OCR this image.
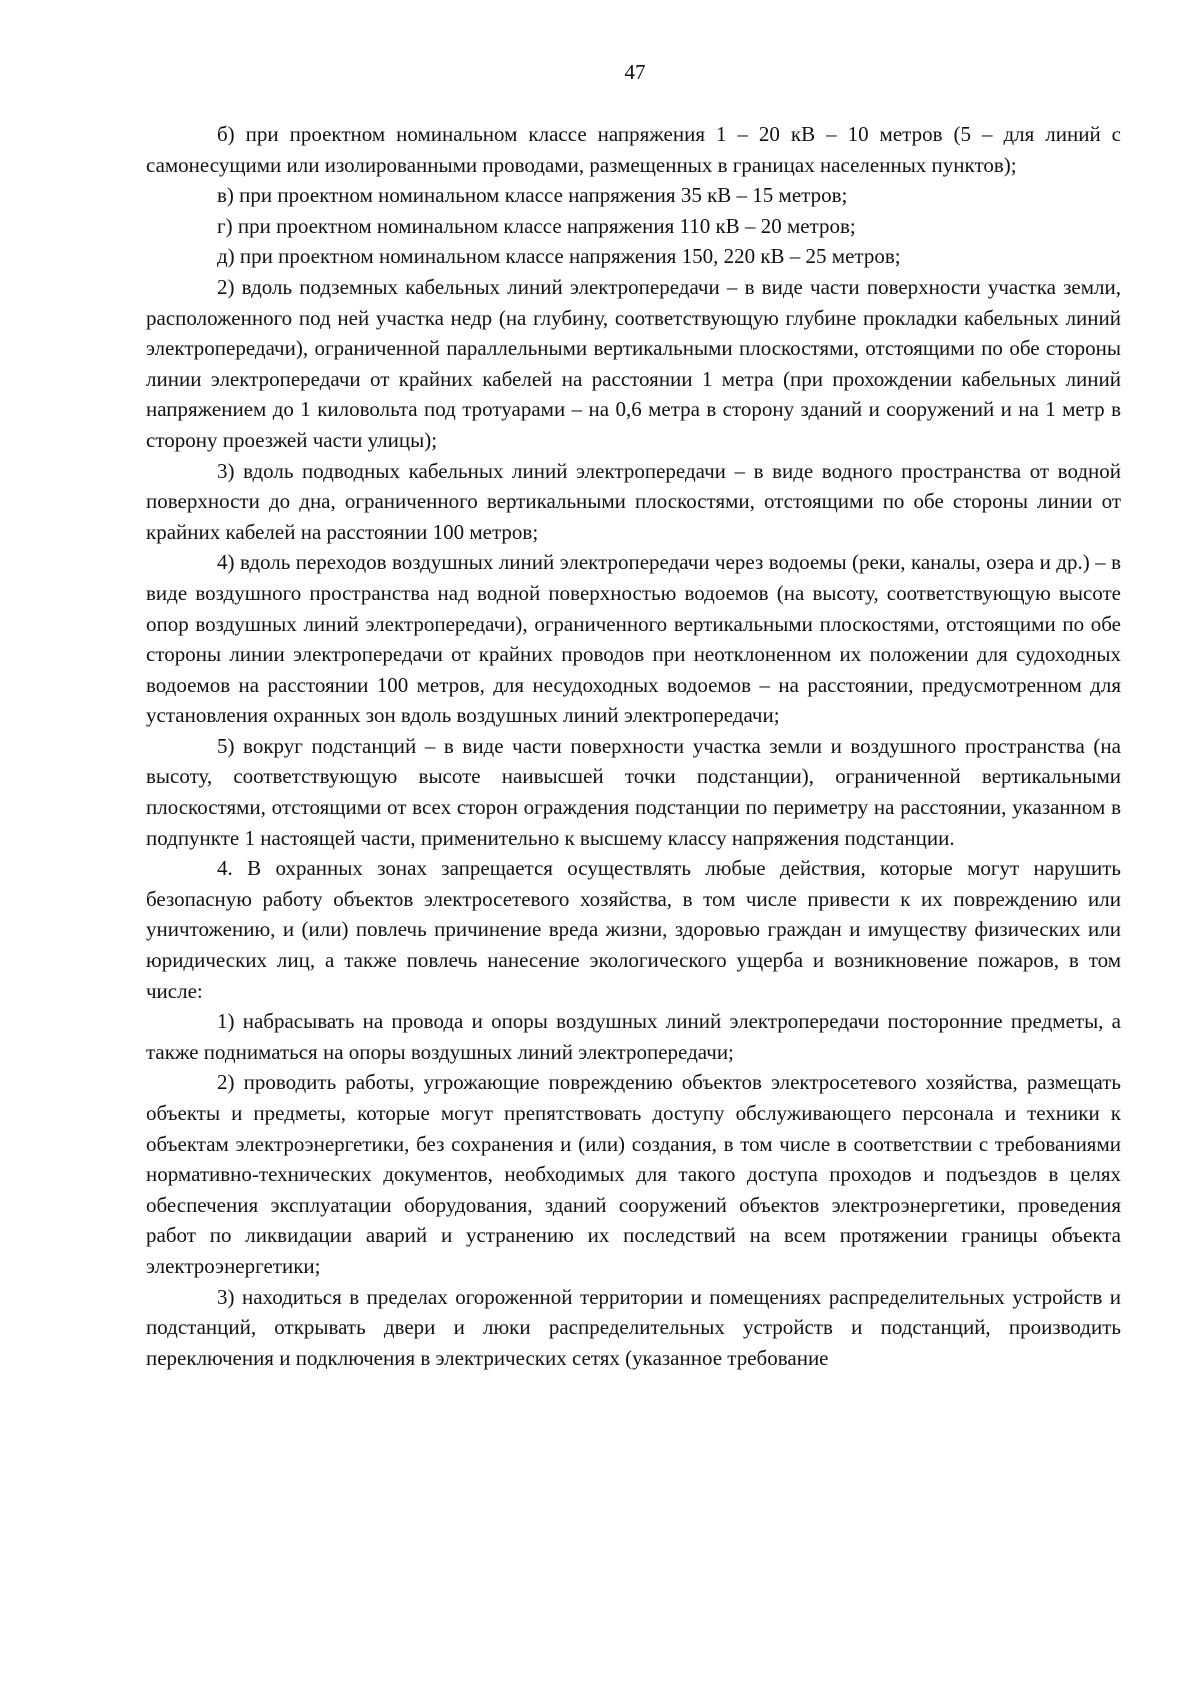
47

б) при проектном номинальном классе напряжения 1 – 20 кВ – 10 метров (5 – для линий с самонесущими или изолированными проводами, размещенных в границах населенных пунктов);

в) при проектном номинальном классе напряжения 35 кВ – 15 метров;

г) при проектном номинальном классе напряжения 110 кВ – 20 метров;

д) при проектном номинальном классе напряжения 150, 220 кВ – 25 метров;

2) вдоль подземных кабельных линий электропередачи – в виде части поверхности участка земли, расположенного под ней участка недр (на глубину, соответствующую глубине прокладки кабельных линий электропередачи), ограниченной параллельными вертикальными плоскостями, отстоящими по обе стороны линии электропередачи от крайних кабелей на расстоянии 1 метра (при прохождении кабельных линий напряжением до 1 киловольта под тротуарами – на 0,6 метра в сторону зданий и сооружений и на 1 метр в сторону проезжей части улицы);

3) вдоль подводных кабельных линий электропередачи – в виде водного пространства от водной поверхности до дна, ограниченного вертикальными плоскостями, отстоящими по обе стороны линии от крайних кабелей на расстоянии 100 метров;

4) вдоль переходов воздушных линий электропередачи через водоемы (реки, каналы, озера и др.) – в виде воздушного пространства над водной поверхностью водоемов (на высоту, соответствующую высоте опор воздушных линий электропередачи), ограниченного вертикальными плоскостями, отстоящими по обе стороны линии электропередачи от крайних проводов при неотклоненном их положении для судоходных водоемов на расстоянии 100 метров, для несудоходных водоемов – на расстоянии, предусмотренном для установления охранных зон вдоль воздушных линий электропередачи;

5) вокруг подстанций – в виде части поверхности участка земли и воздушного пространства (на высоту, соответствующую высоте наивысшей точки подстанции), ограниченной вертикальными плоскостями, отстоящими от всех сторон ограждения подстанции по периметру на расстоянии, указанном в подпункте 1 настоящей части, применительно к высшему классу напряжения подстанции.

4. В охранных зонах запрещается осуществлять любые действия, которые могут нарушить безопасную работу объектов электросетевого хозяйства, в том числе привести к их повреждению или уничтожению, и (или) повлечь причинение вреда жизни, здоровью граждан и имуществу физических или юридических лиц, а также повлечь нанесение экологического ущерба и возникновение пожаров, в том числе:

1) набрасывать на провода и опоры воздушных линий электропередачи посторонние предметы, а также подниматься на опоры воздушных линий электропередачи;

2) проводить работы, угрожающие повреждению объектов электросетевого хозяйства, размещать объекты и предметы, которые могут препятствовать доступу обслуживающего персонала и техники к объектам электроэнергетики, без сохранения и (или) создания, в том числе в соответствии с требованиями нормативно-технических документов, необходимых для такого доступа проходов и подъездов в целях обеспечения эксплуатации оборудования, зданий сооружений объектов электроэнергетики, проведения работ по ликвидации аварий и устранению их последствий на всем протяжении границы объекта электроэнергетики;

3) находиться в пределах огороженной территории и помещениях распределительных устройств и подстанций, открывать двери и люки распределительных устройств и подстанций, производить переключения и подключения в электрических сетях (указанное требование
